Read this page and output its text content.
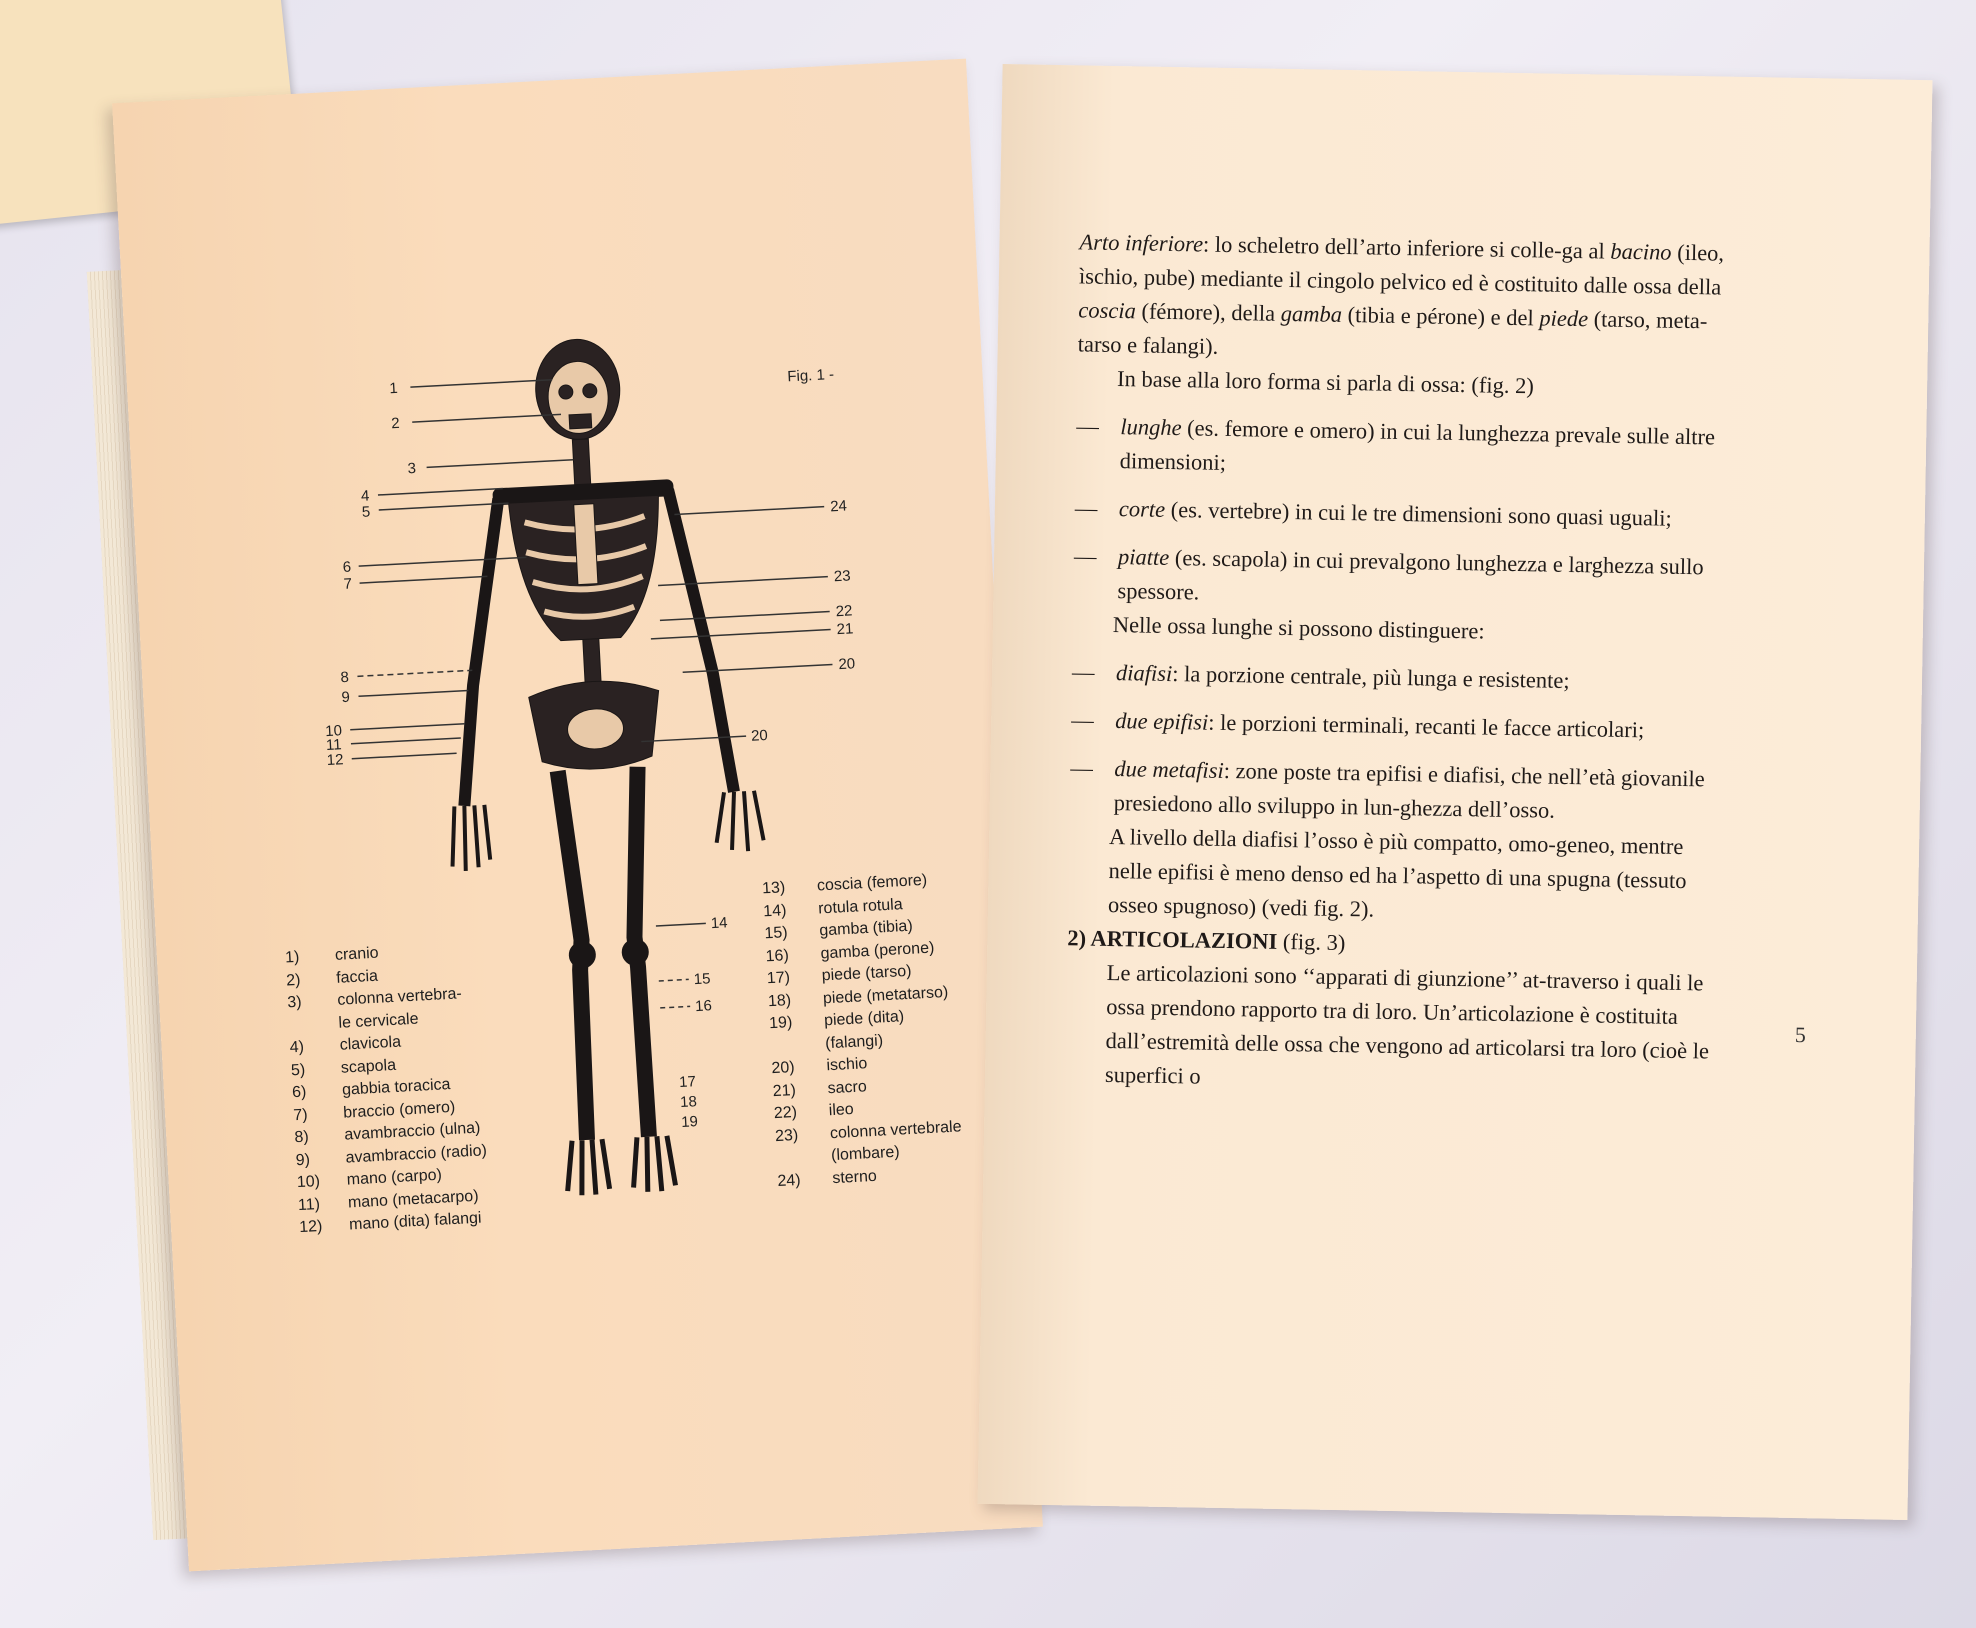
Fig. 1 -
1
2
3
4
5
6
7
8
9
10
11
12
24
23
22
21
20
20
14
15
16
17
18
19
1)	cranio
2)	faccia
3)	colonna vertebra-
le cervicale
4)	clavicola
5)	scapola
6)	gabbia toracica
7)	braccio (omero)
8)	avambraccio (ulna)
9)	avambraccio (radio)
10)	mano (carpo)
11)	mano (metacarpo)
12)	mano (dita) falangi
13)	coscia (femore)
14)	rotula rotula
15)	gamba (tibia)
16)	gamba (perone)
17)	piede (tarso)
18)	piede (metatarso)
19)	piede (dita)
(falangi)
20)	ischio
21)	sacro
22)	ileo
23)	colonna vertebrale
(lombare)
24)	sterno

Arto inferiore: lo scheletro dell’arto inferiore si colle-ga al bacino (ileo, ìschio, pube) mediante il cingolo pelvico ed è costituito dalle ossa della coscia (fémore), della gamba (tibia e pérone) e del piede (tarso, meta-tarso e falangi).

In base alla loro forma si parla di ossa: (fig. 2)

— lunghe (es. femore e omero) in cui la lunghezza prevale sulle altre dimensioni;
— corte (es. vertebre) in cui le tre dimensioni sono quasi uguali;
— piatte (es. scapola) in cui prevalgono lunghezza e larghezza sullo spessore.

Nelle ossa lunghe si possono distinguere:

— diafisi: la porzione centrale, più lunga e resistente;
— due epifisi: le porzioni terminali, recanti le facce articolari;
— due metafisi: zone poste tra epifisi e diafisi, che nell’età giovanile presiedono allo sviluppo in lun-ghezza dell’osso.

A livello della diafisi l’osso è più compatto, omo-geneo, mentre nelle epifisi è meno denso ed ha l’aspetto di una spugna (tessuto osseo spugnoso) (vedi fig. 2).

2) ARTICOLAZIONI (fig. 3)

Le articolazioni sono ‘‘apparati di giunzione’’ at-traverso i quali le ossa prendono rapporto tra di loro. Un’articolazione è costituita dall’estremità delle ossa che vengono ad articolarsi tra loro (cioè le superfici o

5
